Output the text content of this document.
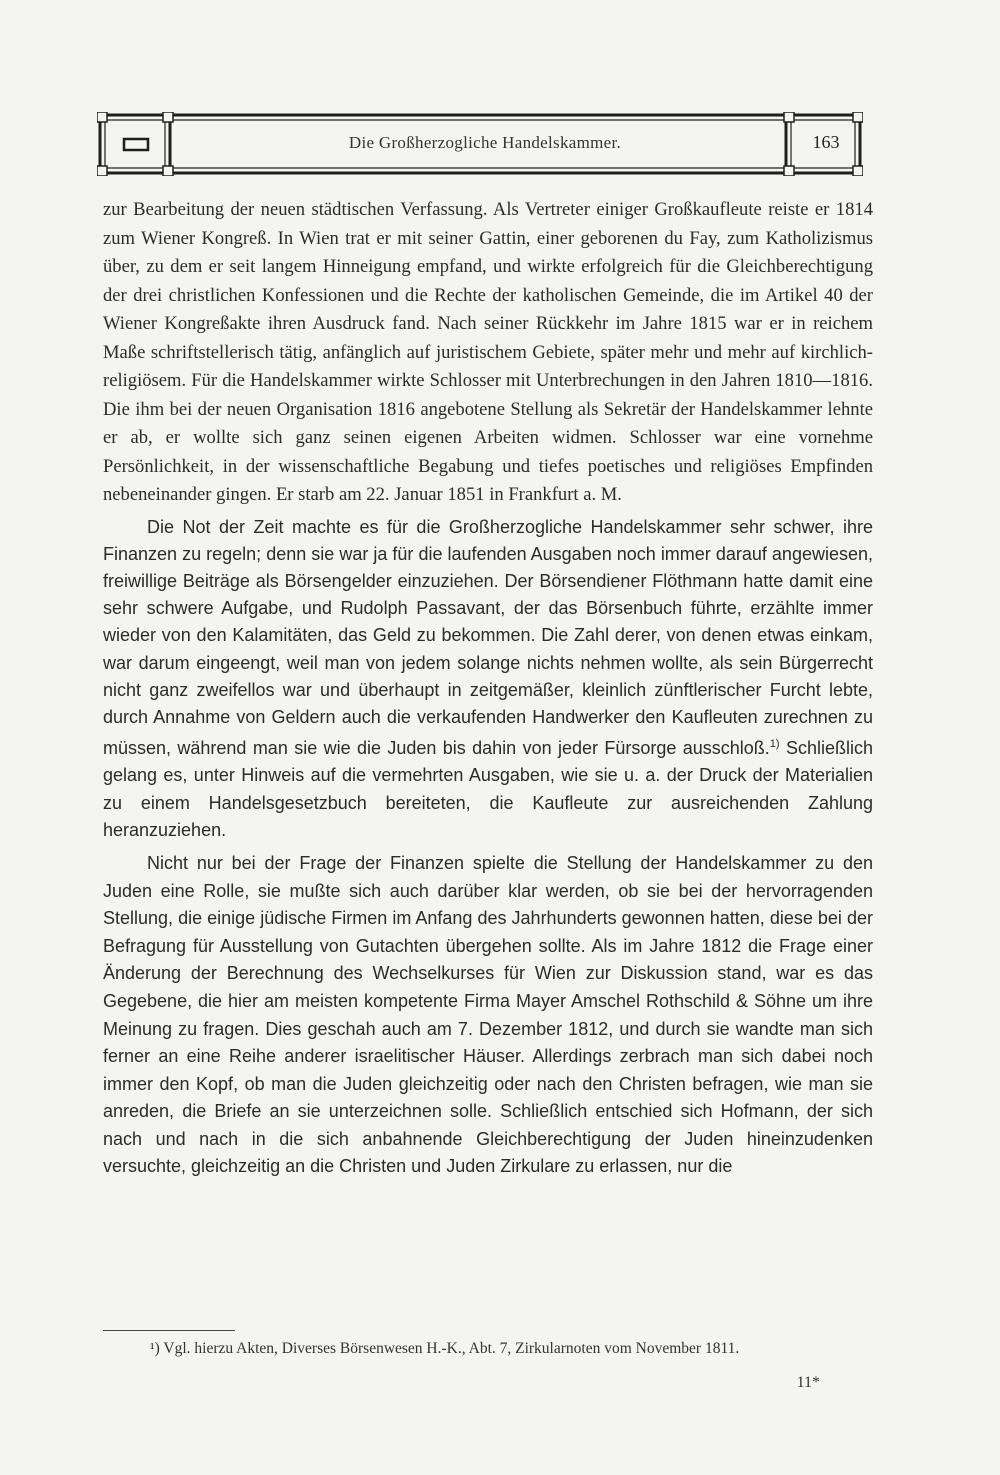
Die Großherzogliche Handelskammer.	163

zur Bearbeitung der neuen städtischen Verfassung. Als Vertreter einiger Großkaufleute reiste er 1814 zum Wiener Kongreß. In Wien trat er mit seiner Gattin, einer geborenen du Fay, zum Katholizismus über, zu dem er seit langem Hinneigung empfand, und wirkte erfolgreich für die Gleichberechtigung der drei christlichen Konfessionen und die Rechte der katholischen Gemeinde, die im Artikel 40 der Wiener Kongreßakte ihren Ausdruck fand. Nach seiner Rückkehr im Jahre 1815 war er in reichem Maße schriftstellerisch tätig, anfänglich auf juristischem Gebiete, später mehr und mehr auf kirchlich-religiösem. Für die Handelskammer wirkte Schlosser mit Unterbrechungen in den Jahren 1810—1816. Die ihm bei der neuen Organisation 1816 angebotene Stellung als Sekretär der Handelskammer lehnte er ab, er wollte sich ganz seinen eigenen Arbeiten widmen. Schlosser war eine vornehme Persönlichkeit, in der wissenschaftliche Begabung und tiefes poetisches und religiöses Empfinden nebeneinander gingen. Er starb am 22. Januar 1851 in Frankfurt a. M.

Die Not der Zeit machte es für die Großherzogliche Handelskammer sehr schwer, ihre Finanzen zu regeln; denn sie war ja für die laufenden Ausgaben noch immer darauf angewiesen, freiwillige Beiträge als Börsengelder einzuziehen. Der Börsendiener Flöthmann hatte damit eine sehr schwere Aufgabe, und Rudolph Passavant, der das Börsenbuch führte, erzählte immer wieder von den Kalamitäten, das Geld zu bekommen. Die Zahl derer, von denen etwas einkam, war darum eingeengt, weil man von jedem solange nichts nehmen wollte, als sein Bürgerrecht nicht ganz zweifellos war und überhaupt in zeitgemäßer, kleinlich zünftlerischer Furcht lebte, durch Annahme von Geldern auch die verkaufenden Handwerker den Kaufleuten zurechnen zu müssen, während man sie wie die Juden bis dahin von jeder Fürsorge ausschloß.$^{1)}$ Schließlich gelang es, unter Hinweis auf die vermehrten Ausgaben, wie sie u. a. der Druck der Materialien zu einem Handelsgesetzbuch bereiteten, die Kaufleute zur ausreichenden Zahlung heranzuziehen.

Nicht nur bei der Frage der Finanzen spielte die Stellung der Handelskammer zu den Juden eine Rolle, sie mußte sich auch darüber klar werden, ob sie bei der hervorragenden Stellung, die einige jüdische Firmen im Anfang des Jahrhunderts gewonnen hatten, diese bei der Befragung für Ausstellung von Gutachten übergehen sollte. Als im Jahre 1812 die Frage einer Änderung der Berechnung des Wechselkurses für Wien zur Diskussion stand, war es das Gegebene, die hier am meisten kompetente Firma Mayer Amschel Rothschild & Söhne um ihre Meinung zu fragen. Dies geschah auch am 7. Dezember 1812, und durch sie wandte man sich ferner an eine Reihe anderer israelitischer Häuser. Allerdings zerbrach man sich dabei noch immer den Kopf, ob man die Juden gleichzeitig oder nach den Christen befragen, wie man sie anreden, die Briefe an sie unterzeichnen solle. Schließlich entschied sich Hofmann, der sich nach und nach in die sich anbahnende Gleichberechtigung der Juden hineinzudenken versuchte, gleichzeitig an die Christen und Juden Zirkulare zu erlassen, nur die

¹) Vgl. hierzu Akten, Diverses Börsenwesen H.-K., Abt. 7, Zirkularnoten vom November 1811.
11*
